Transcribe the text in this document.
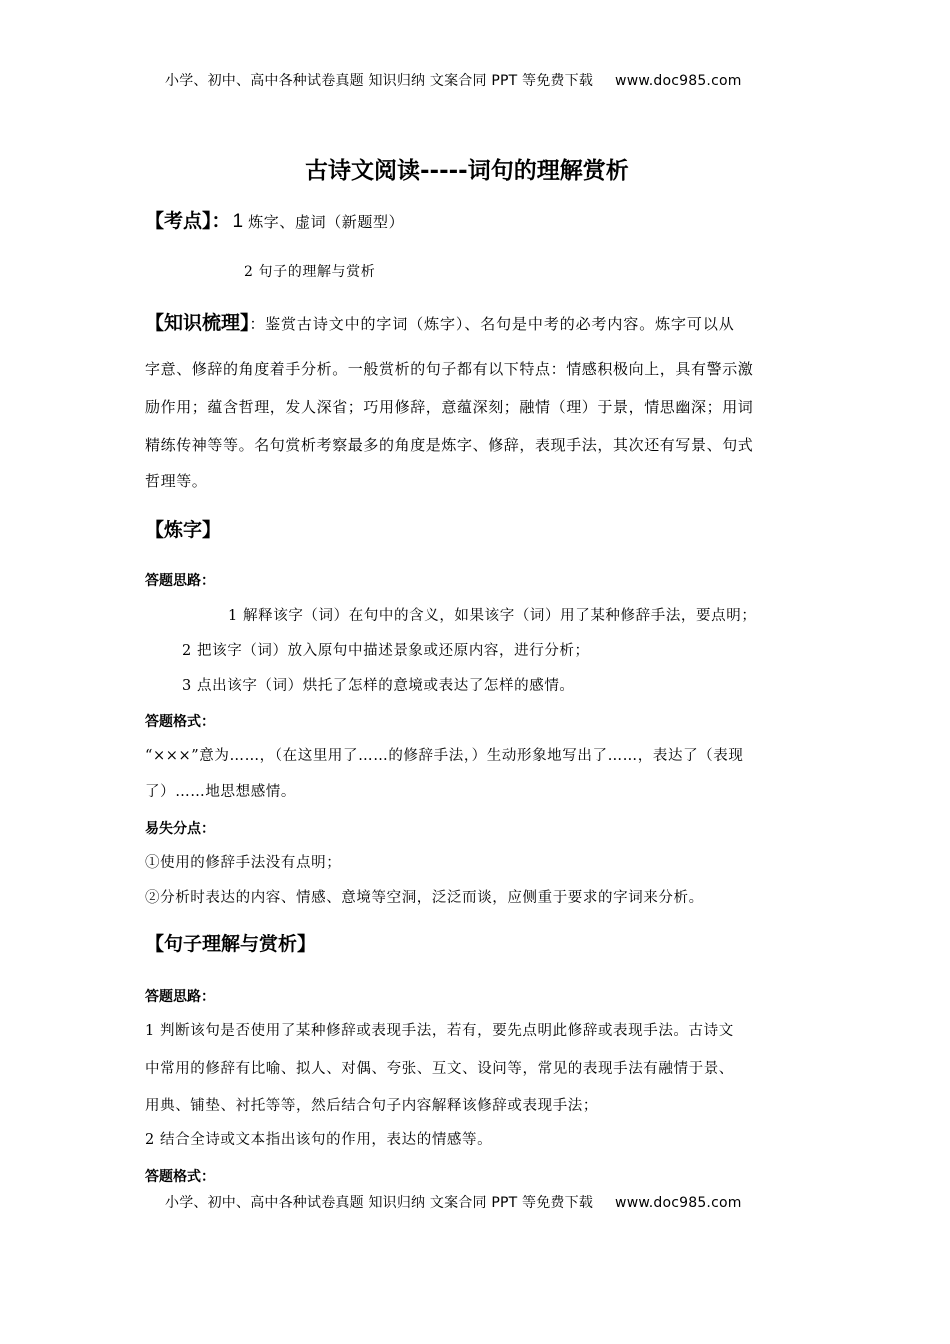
小学、初中、高中各种试卷真题 知识归纳 文案合同 PPT 等免费下载 www.doc985.com
古诗文阅读-----词句的理解赏析
【考点】： 1 炼字、虚词（新题型）
2 句子的理解与赏析
【知识梳理】：鉴赏古诗文中的字词（炼字）、名句是中考的必考内容。炼字可以从
字意、修辞的角度着手分析。一般赏析的句子都有以下特点：情感积极向上，具有警示激
励作用；蕴含哲理，发人深省；巧用修辞，意蕴深刻；融情（理）于景，情思幽深；用词
精练传神等等。名句赏析考察最多的角度是炼字、修辞，表现手法，其次还有写景、句式
哲理等。
【炼字】
答题思路：
1 解释该字（词）在句中的含义，如果该字（词）用了某种修辞手法，要点明；
2 把该字（词）放入原句中描述景象或还原内容，进行分析；
3 点出该字（词）烘托了怎样的意境或表达了怎样的感情。
答题格式：
“×××”意为……，（在这里用了……的修辞手法，）生动形象地写出了……，表达了（表现
了）……地思想感情。
易失分点：
①使用的修辞手法没有点明；
②分析时表达的内容、情感、意境等空洞，泛泛而谈，应侧重于要求的字词来分析。
【句子理解与赏析】
答题思路：
1 判断该句是否使用了某种修辞或表现手法，若有，要先点明此修辞或表现手法。古诗文
中常用的修辞有比喻、拟人、对偶、夸张、互文、设问等，常见的表现手法有融情于景、
用典、铺垫、衬托等等，然后结合句子内容解释该修辞或表现手法；
2 结合全诗或文本指出该句的作用，表达的情感等。
答题格式：
小学、初中、高中各种试卷真题 知识归纳 文案合同 PPT 等免费下载 www.doc985.com
